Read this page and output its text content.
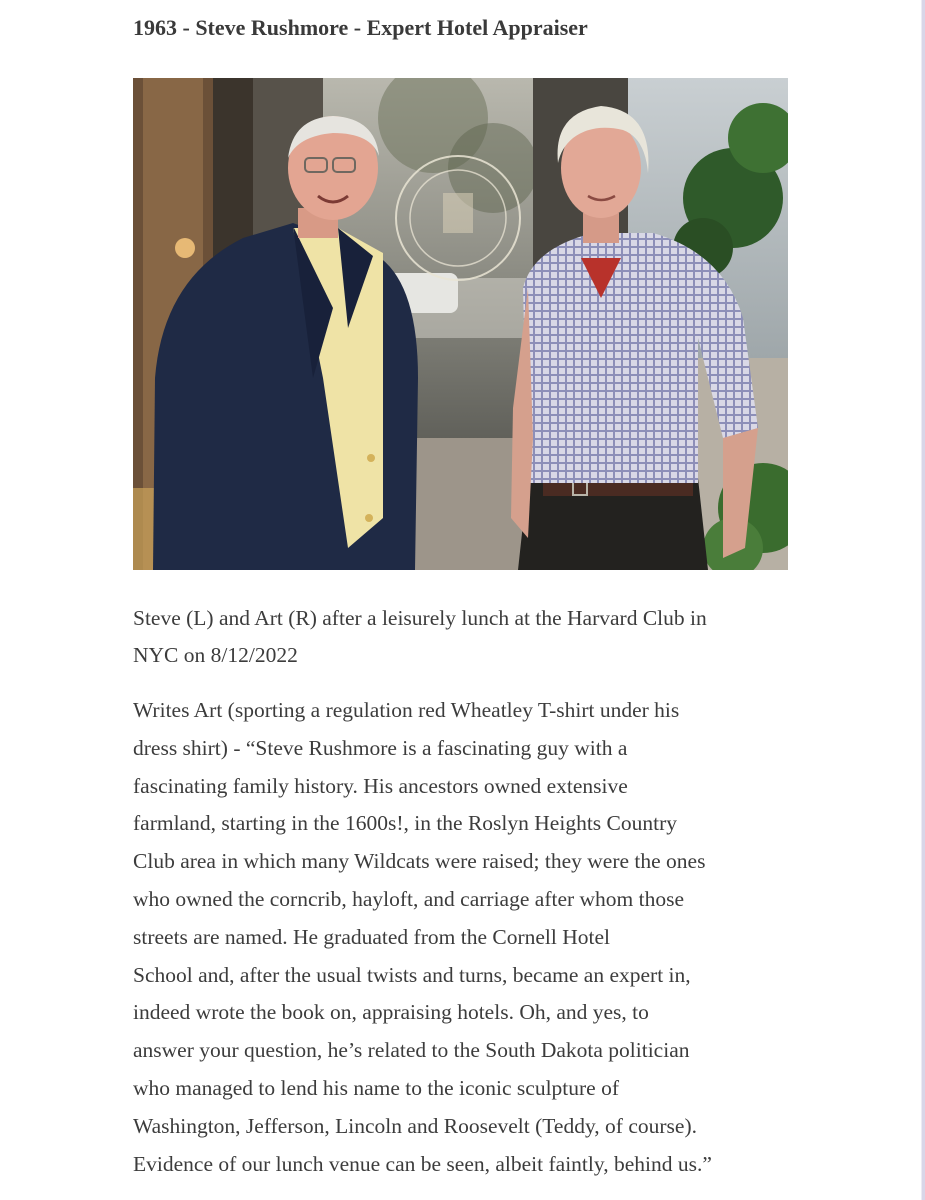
1963 - Steve Rushmore - Expert Hotel Appraiser
Steve (L) and Art (R) after a leisurely lunch at the Harvard Club in
NYC on 8/12/2022
Writes Art (sporting a regulation red Wheatley T-shirt under his
dress shirt) - “Steve Rushmore is a fascinating guy with a
fascinating family history. His ancestors owned extensive
farmland, starting in the 1600s!, in the Roslyn Heights Country
Club area in which many Wildcats were raised; they were the ones
who owned the corncrib, hayloft, and carriage after whom those
streets are named. He graduated from the Cornell Hotel
School and, after the usual twists and turns, became an expert in,
indeed wrote the book on, appraising hotels. Oh, and yes, to
answer your question, he’s related to the South Dakota politician
who managed to lend his name to the iconic sculpture of
Washington, Jefferson, Lincoln and Roosevelt (Teddy, of course).
Evidence of our lunch venue can be seen, albeit faintly, behind us.”
